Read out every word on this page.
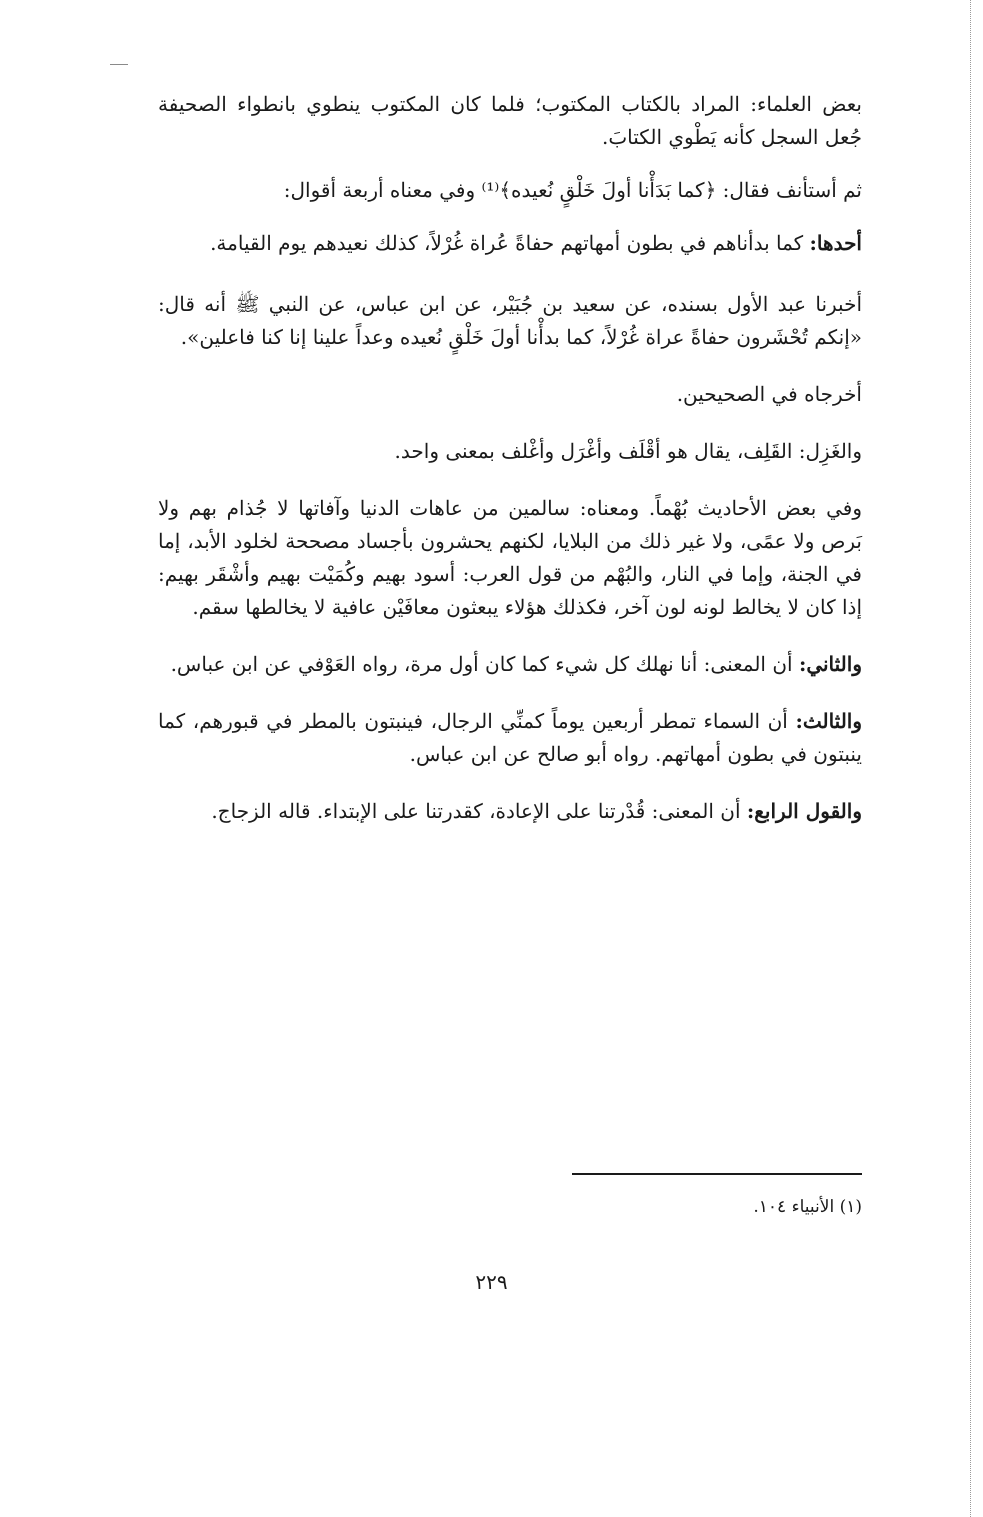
بعض العلماء: المراد بالكتاب المكتوب؛ فلما كان المكتوب ينطوي بانطواء الصحيفة جُعل السجل كأنه يَطْوي الكتابَ.

ثم أستأنف فقال: ﴿كما بَدَأْنا أولَ خَلْقٍ نُعيده﴾⁽¹⁾ وفي معناه أربعة أقوال:

أحدها: كما بدأناهم في بطون أمهاتهم حفاةً عُراة غُرْلاً، كذلك نعيدهم يوم القيامة.

أخبرنا عبد الأول بسنده، عن سعيد بن جُبَيْر، عن ابن عباس، عن النبي ﷺ أنه قال: «إنكم تُحْشَرون حفاةً عراة غُرْلاً، كما بدأْنا أولَ خَلْقٍ نُعيده وعداً علينا إنا كنا فاعلين».

أخرجاه في الصحيحين.

والغَزِل: القَلِف، يقال هو أقْلَف وأغْرَل وأغْلف بمعنى واحد.

وفي بعض الأحاديث بُهْماً. ومعناه: سالمين من عاهات الدنيا وآفاتها لا جُذام بهم ولا بَرص ولا عمًى، ولا غير ذلك من البلايا، لكنهم يحشرون بأجساد مصححة لخلود الأبد، إما في الجنة، وإما في النار، والبُهْم من قول العرب: أسود بهيم وكُمَيْت بهيم وأشْقَر بهيم: إذا كان لا يخالط لونه لون آخر، فكذلك هؤلاء يبعثون معافَيْن عافية لا يخالطها سقم.

والثاني: أن المعنى: أنا نهلك كل شيء كما كان أول مرة، رواه العَوْفي عن ابن عباس.

والثالث: أن السماء تمطر أربعين يوماً كمنِّي الرجال، فينبتون بالمطر في قبورهم، كما ينبتون في بطون أمهاتهم. رواه أبو صالح عن ابن عباس.

والقول الرابع: أن المعنى: قُدْرتنا على الإعادة، كقدرتنا على الإبتداء. قاله الزجاج.

(١) الأنبياء ١٠٤.

٢٢٩
